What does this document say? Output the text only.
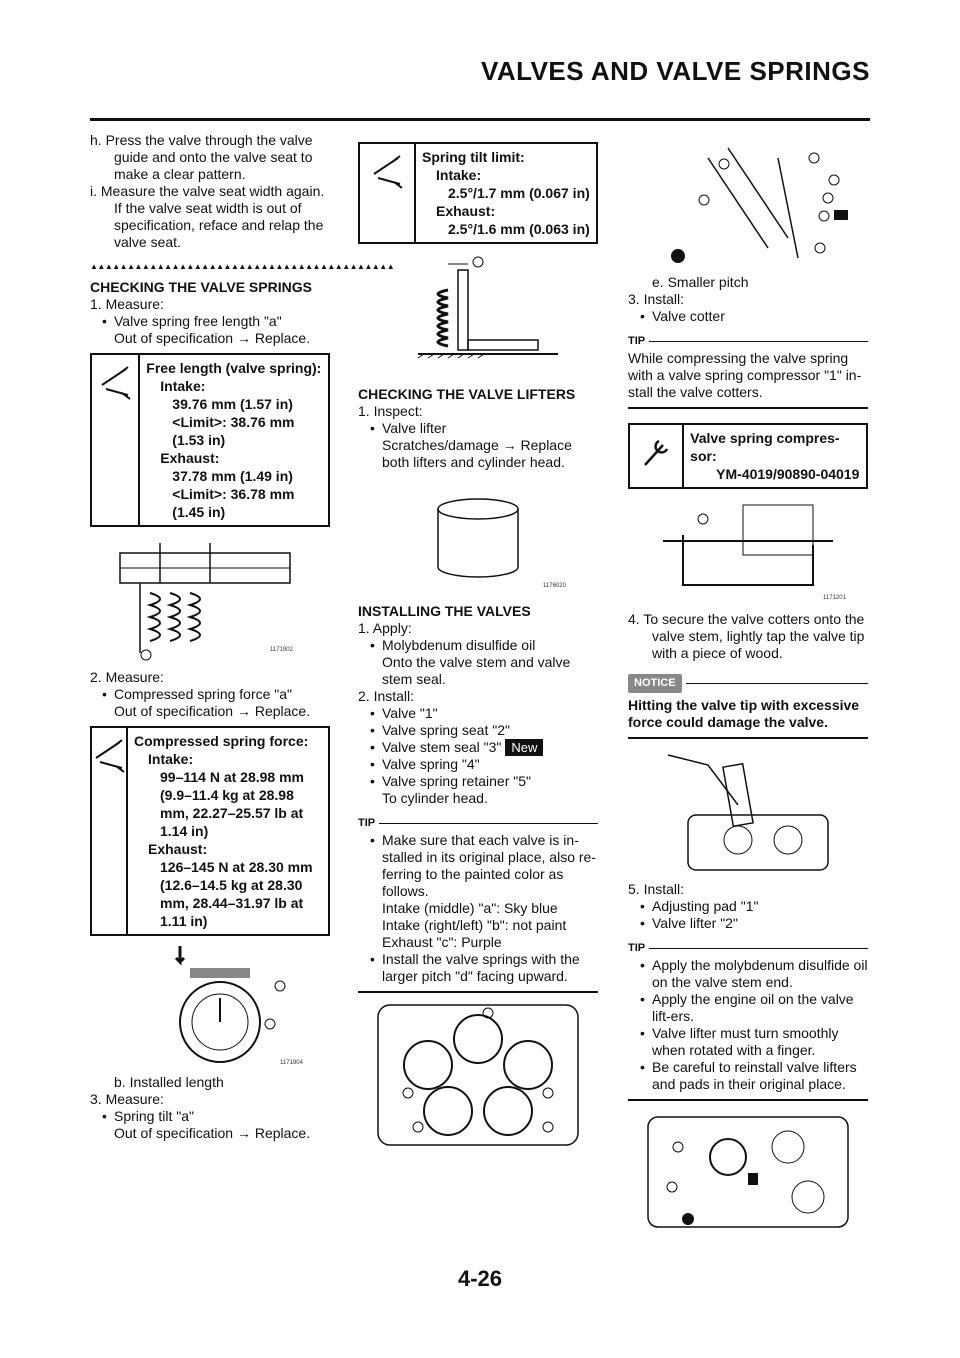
VALVES AND VALVE SPRINGS

h. Press the valve through the valve guide and onto the valve seat to make a clear pattern.

i. Measure the valve seat width again. If the valve seat width is out of specification, reface and relap the valve seat.

▲▲▲▲▲▲▲▲▲▲▲▲▲▲▲▲▲▲▲▲▲▲▲▲▲▲▲▲▲▲▲▲▲▲▲▲▲▲▲▲▲

CHECKING THE VALVE SPRINGS

1. Measure:

• Valve spring free length "a"

Out of specification → Replace.

Free length (valve spring):
Intake:
39.76 mm (1.57 in)
<Limit>: 38.76 mm (1.53 in)
Exhaust:
37.78 mm (1.49 in)
<Limit>: 36.78 mm (1.45 in)
1171902

2. Measure:

• Compressed spring force "a"

Out of specification → Replace.

Compressed spring force:
Intake:
99–114 N at 28.98 mm (9.9–11.4 kg at 28.98 mm, 22.27–25.57 lb at 1.14 in)
Exhaust:
126–145 N at 28.30 mm (12.6–14.5 kg at 28.30 mm, 28.44–31.97 lb at 1.11 in)
1171904

b. Installed length

3. Measure:

• Spring tilt "a"

Out of specification → Replace.

Spring tilt limit:
Intake:
2.5°/1.7 mm (0.067 in)
Exhaust:
2.5°/1.6 mm (0.063 in)

CHECKING THE VALVE LIFTERS

1. Inspect:

• Valve lifter

Scratches/damage → Replace both lifters and cylinder head.

1176020

INSTALLING THE VALVES

1. Apply:

• Molybdenum disulfide oil

Onto the valve stem and valve stem seal.

2. Install:

• Valve "1"

• Valve spring seat "2"

• Valve stem seal "3" New

• Valve spring "4"

• Valve spring retainer "5"

To cylinder head.

TIP

• Make sure that each valve is in-stalled in its original place, also re-ferring to the painted color as follows.

Intake (middle) "a": Sky blue

Intake (right/left) "b": not paint

Exhaust "c": Purple

• Install the valve springs with the larger pitch "d" facing upward.

e. Smaller pitch

3. Install:

• Valve cotter

TIP

While compressing the valve spring with a valve spring compressor "1" in-stall the valve cotters.

Valve spring compres-sor:
YM-4019/90890-04019
1171201

4. To secure the valve cotters onto the valve stem, lightly tap the valve tip with a piece of wood.

NOTICE

Hitting the valve tip with excessive force could damage the valve.

5. Install:

• Adjusting pad "1"

• Valve lifter "2"

TIP

• Apply the molybdenum disulfide oil on the valve stem end.

• Apply the engine oil on the valve lift-ers.

• Valve lifter must turn smoothly when rotated with a finger.

• Be careful to reinstall valve lifters and pads in their original place.

4-26
